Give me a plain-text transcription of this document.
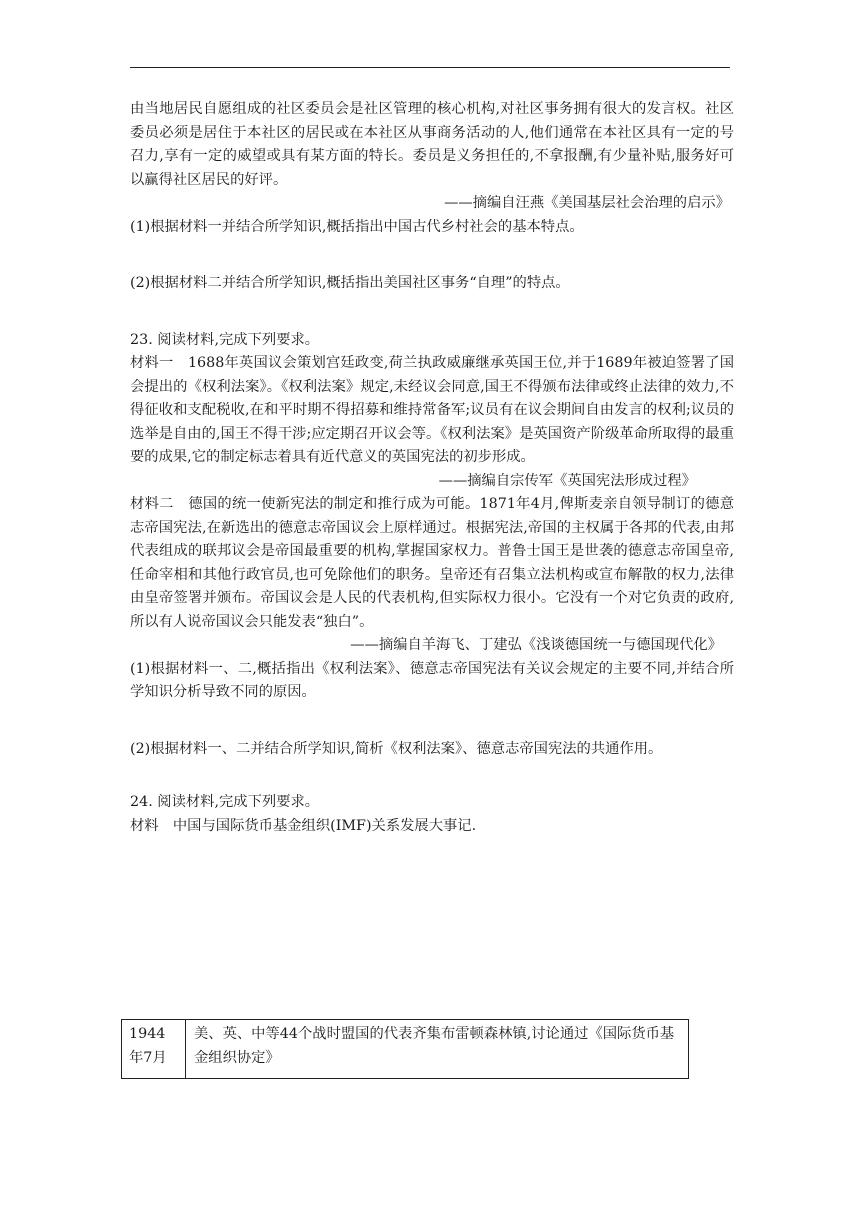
由当地居民自愿组成的社区委员会是社区管理的核心机构,对社区事务拥有很大的发言权。社区委员必须是居住于本社区的居民或在本社区从事商务活动的人,他们通常在本社区具有一定的号召力,享有一定的威望或具有某方面的特长。委员是义务担任的,不拿报酬,有少量补贴,服务好可以赢得社区居民的好评。

——摘编自汪燕《美国基层社会治理的启示》

(1)根据材料一并结合所学知识,概括指出中国古代乡村社会的基本特点。

(2)根据材料二并结合所学知识,概括指出美国社区事务“自理”的特点。

23. 阅读材料,完成下列要求。

材料一　1688年英国议会策划宫廷政变,荷兰执政威廉继承英国王位,并于1689年被迫签署了国会提出的《权利法案》。《权利法案》规定,未经议会同意,国王不得颁布法律或终止法律的效力,不得征收和支配税收,在和平时期不得招募和维持常备军;议员有在议会期间自由发言的权利;议员的选举是自由的,国王不得干涉;应定期召开议会等。《权利法案》是英国资产阶级革命所取得的最重要的成果,它的制定标志着具有近代意义的英国宪法的初步形成。

——摘编自宗传军《英国宪法形成过程》

材料二　德国的统一使新宪法的制定和推行成为可能。1871年4月,俾斯麦亲自领导制订的德意志帝国宪法,在新选出的德意志帝国议会上原样通过。根据宪法,帝国的主权属于各邦的代表,由邦代表组成的联邦议会是帝国最重要的机构,掌握国家权力。普鲁士国王是世袭的德意志帝国皇帝,任命宰相和其他行政官员,也可免除他们的职务。皇帝还有召集立法机构或宣布解散的权力,法律由皇帝签署并颁布。帝国议会是人民的代表机构,但实际权力很小。它没有一个对它负责的政府,所以有人说帝国议会只能发表“独白”。

——摘编自羊海飞、丁建弘《浅谈德国统一与德国现代化》

(1)根据材料一、二,概括指出《权利法案》、德意志帝国宪法有关议会规定的主要不同,并结合所学知识分析导致不同的原因。

(2)根据材料一、二并结合所学知识,简析《权利法案》、德意志帝国宪法的共通作用。

24. 阅读材料,完成下列要求。

材料　中国与国际货币基金组织(IMF)关系发展大事记.

1944年7月	美、英、中等44个战时盟国的代表齐集布雷顿森林镇,讨论通过《国际货币基金组织协定》
